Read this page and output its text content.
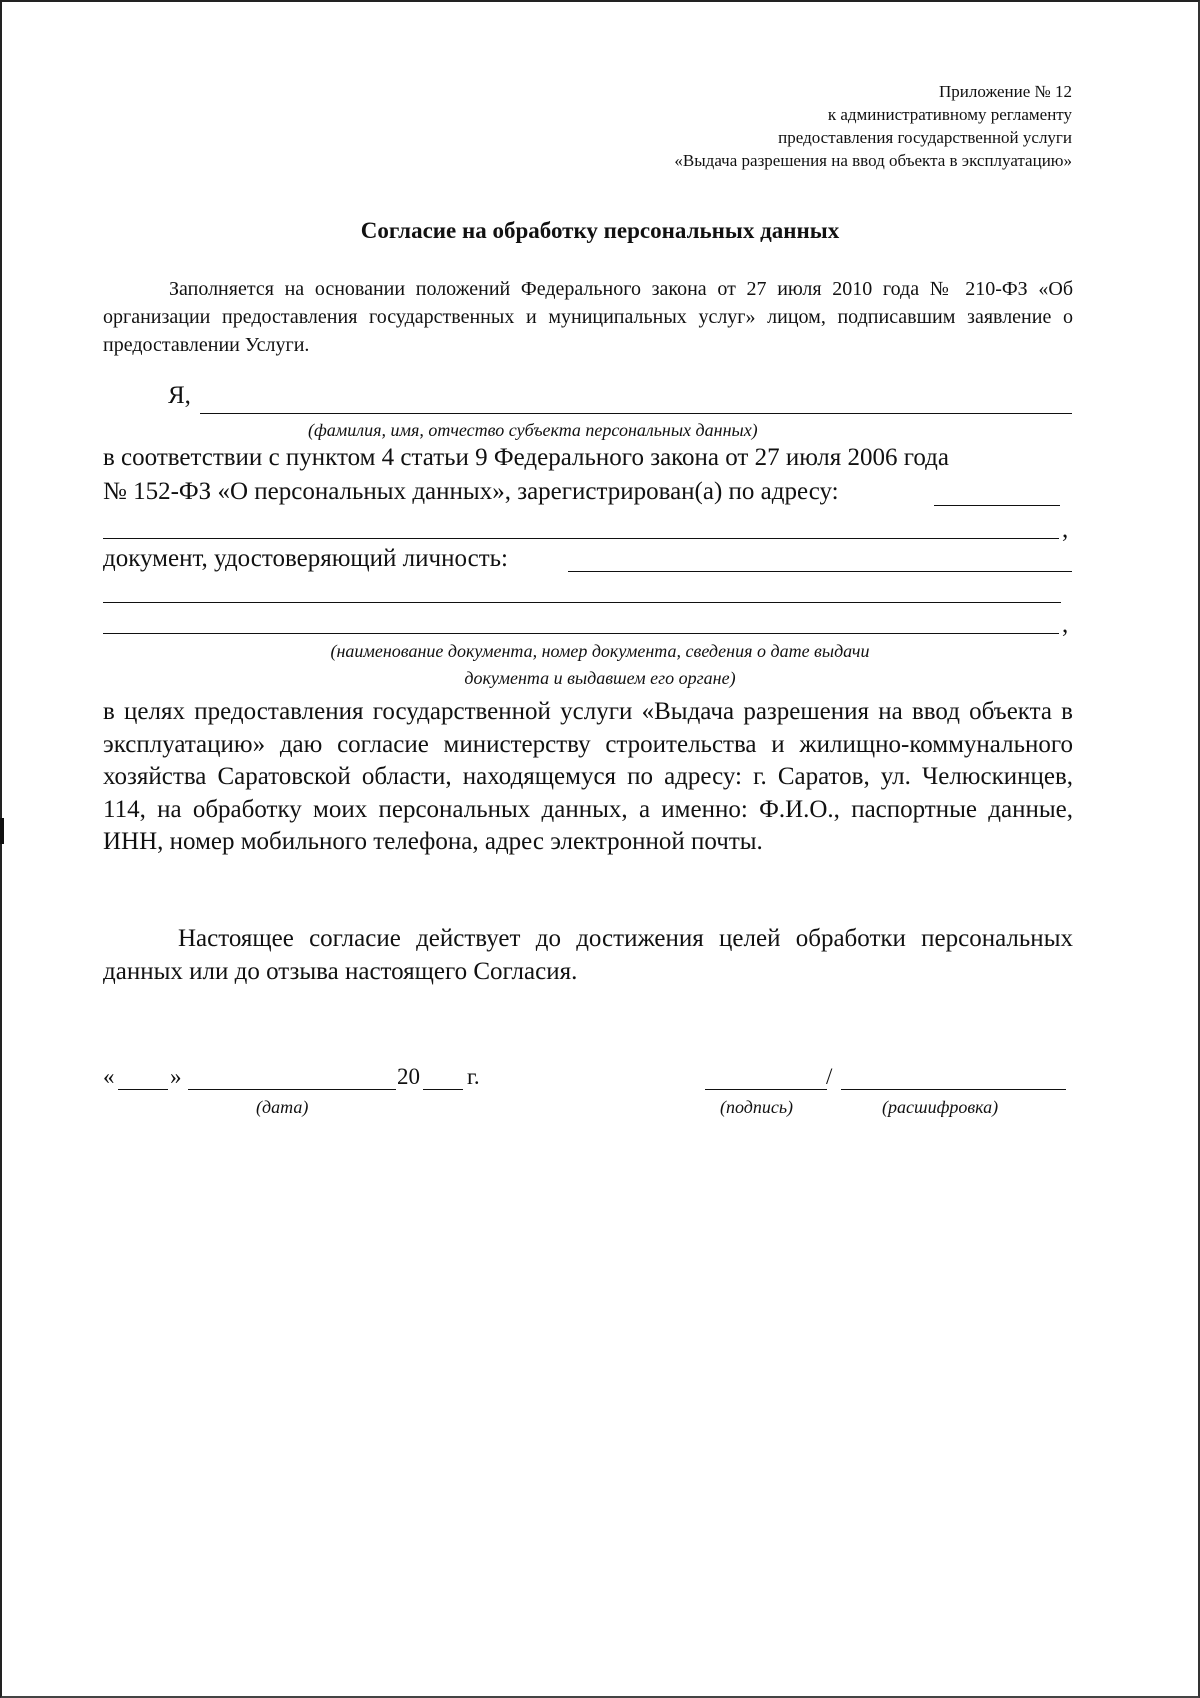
Приложение № 12
к административному регламенту
предоставления государственной услуги
«Выдача разрешения на ввод объекта в эксплуатацию»
Согласие на обработку персональных данных

Заполняется на основании положений Федерального закона от 27 июля 2010 года № 210-ФЗ «Об организации предоставления государственных и муниципальных услуг» лицом, подписавшим заявление о предоставлении Услуги.

Я,
(фамилия, имя, отчество субъекта персональных данных)
в соответствии с пунктом 4 статьи 9 Федерального закона от 27 июля 2006 года
№ 152-ФЗ «О персональных данных», зарегистрирован(а) по адресу:
,
документ, удостоверяющий личность:
,
(наименование документа, номер документа, сведения о дате выдачи
документа и выдавшем его органе)

в целях предоставления государственной услуги «Выдача разрешения на ввод объекта в эксплуатацию» даю согласие министерству строительства и жилищно-коммунального хозяйства Саратовской области, находящемуся по адресу: г. Саратов, ул. Челюскинцев, 114, на обработку моих персональных данных, а именно: Ф.И.О., паспортные данные, ИНН, номер мобильного телефона, адрес электронной почты.

Настоящее согласие действует до достижения целей обработки персональных данных или до отзыва настоящего Согласия.

« »	20 г.
(дата)
/
(подпись)	(расшифровка)
